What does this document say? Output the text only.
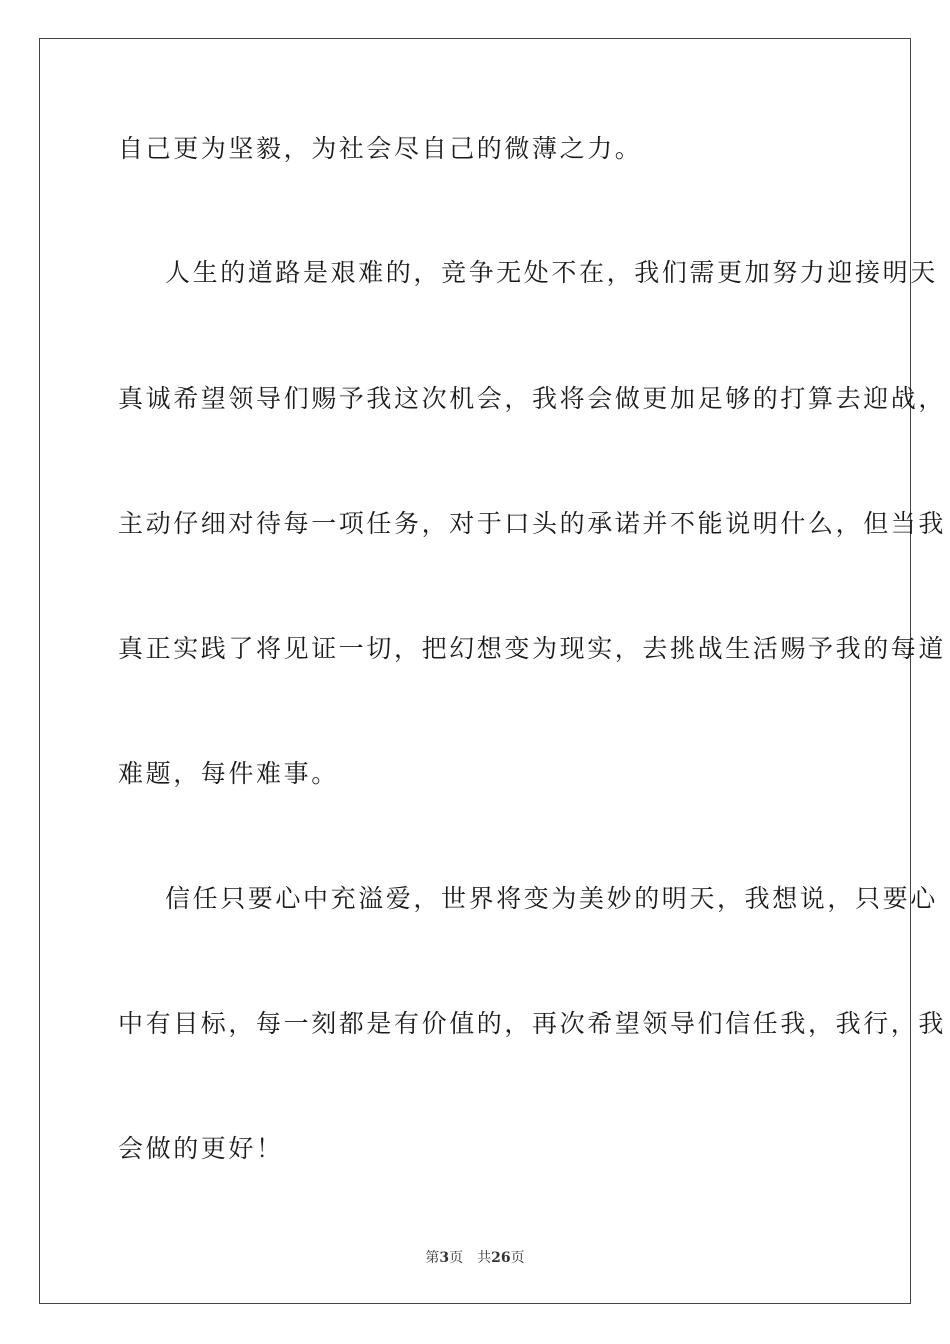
自己更为坚毅，为社会尽自己的微薄之力。
人生的道路是艰难的，竞争无处不在，我们需更加努力迎接明天
真诚希望领导们赐予我这次机会，我将会做更加足够的打算去迎战，
主动仔细对待每一项任务，对于口头的承诺并不能说明什么，但当我
真正实践了将见证一切，把幻想变为现实，去挑战生活赐予我的每道
难题，每件难事。
信任只要心中充溢爱，世界将变为美妙的明天，我想说，只要心
中有目标，每一刻都是有价值的，再次希望领导们信任我，我行，我
会做的更好！
第3页 共26页
